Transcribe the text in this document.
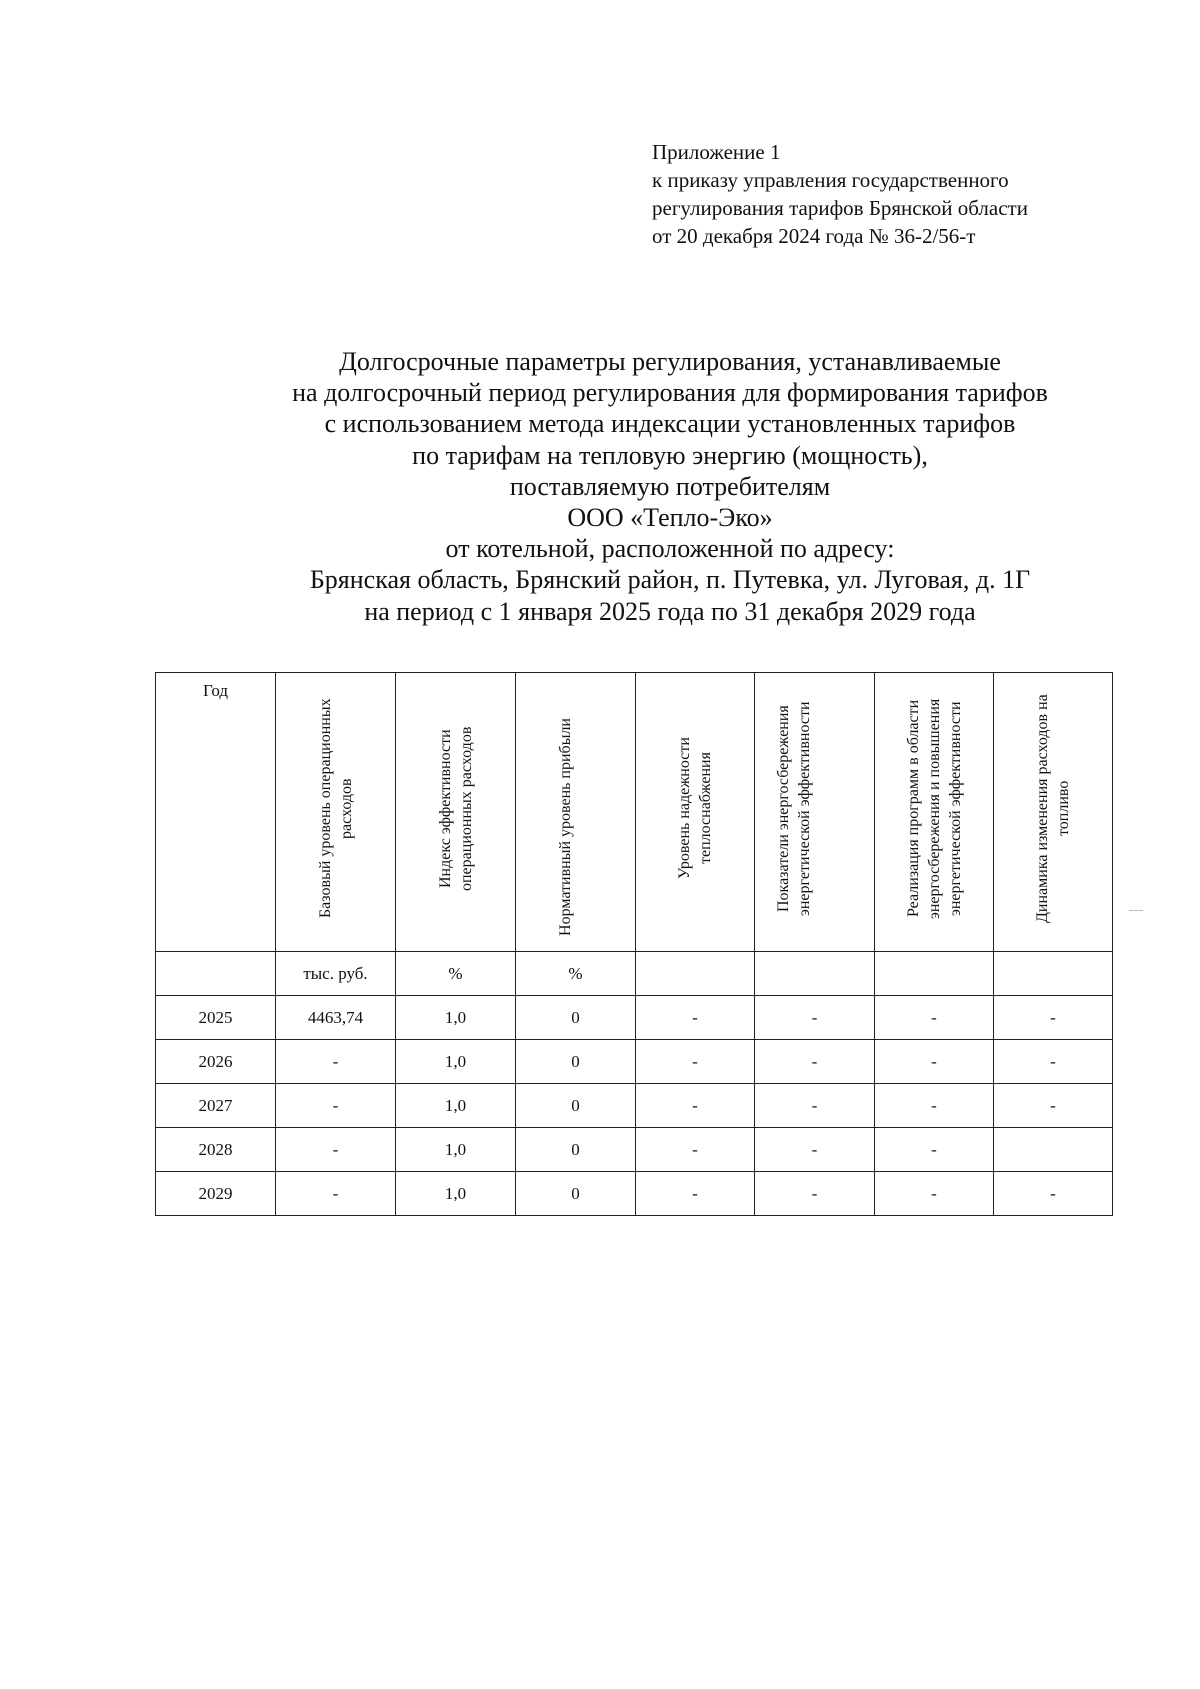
Приложение 1
к приказу управления государственного
регулирования тарифов Брянской области
от 20 декабря 2024 года № 36-2/56-т
Долгосрочные параметры регулирования, устанавливаемые
на долгосрочный период регулирования для формирования тарифов
с использованием метода индексации установленных тарифов
по тарифам на тепловую энергию (мощность),
поставляемую потребителям
ООО «Тепло-Эко»
от котельной, расположенной по адресу:
Брянская область, Брянский район, п. Путевка, ул. Луговая, д. 1Г
на период с 1 января 2025 года по 31 декабря 2029 года
Год	Базовый уровень операционных расходов	Индекс эффективности операционных расходов	Нормативный уровень прибыли	Уровень надежности теплоснабжения	Показатели энергосбережения энергетической эффективности	Реализация программ в области энергосбережения и повышения энергетической эффективности	Динамика изменения расходов на топливо
	тыс. руб.	%	%				
2025	4463,74	1,0	0	-	-	-	-
2026	-	1,0	0	-	-	-	-
2027	-	1,0	0	-	-	-	-
2028	-	1,0	0	-	-	-	
2029	-	1,0	0	-	-	-	-
